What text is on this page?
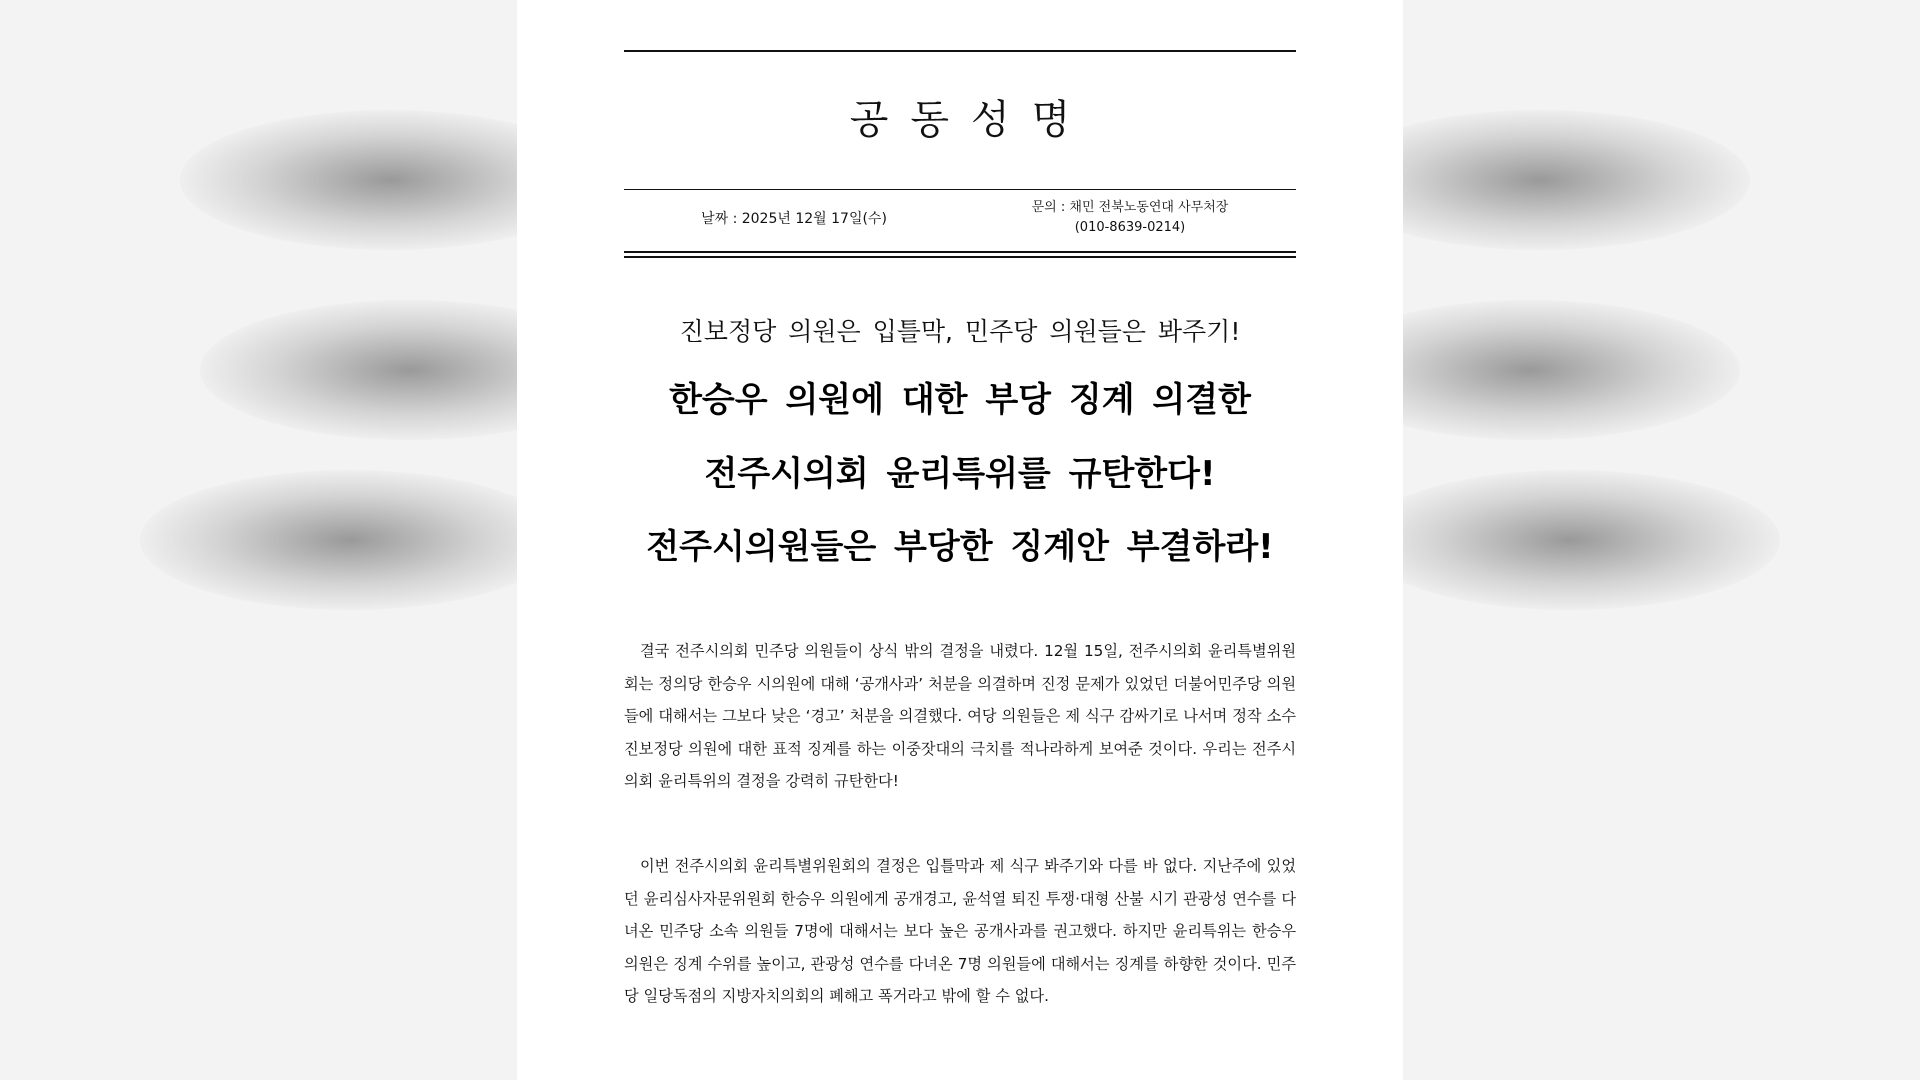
공동성명
날짜 : 2025년 12월 17일(수)
문의 : 채민 전북노동연대 사무처장
(010-8639-0214)
진보정당 의원은 입틀막, 민주당 의원들은 봐주기!
한승우 의원에 대한 부당 징계 의결한
전주시의회 윤리특위를 규탄한다!
전주시의원들은 부당한 징계안 부결하라!

결국 전주시의회 민주당 의원들이 상식 밖의 결정을 내렸다. 12월 15일, 전주시의회 윤리특별위원회는 정의당 한승우 시의원에 대해 ‘공개사과’ 처분을 의결하며 진정 문제가 있었던 더불어민주당 의원들에 대해서는 그보다 낮은 ‘경고’ 처분을 의결했다. 여당 의원들은 제 식구 감싸기로 나서며 정작 소수 진보정당 의원에 대한 표적 징계를 하는 이중잣대의 극치를 적나라하게 보여준 것이다. 우리는 전주시의회 윤리특위의 결정을 강력히 규탄한다!

이번 전주시의회 윤리특별위원회의 결정은 입틀막과 제 식구 봐주기와 다를 바 없다. 지난주에 있었던 윤리심사자문위원회 한승우 의원에게 공개경고, 윤석열 퇴진 투쟁·대형 산불 시기 관광성 연수를 다녀온 민주당 소속 의원들 7명에 대해서는 보다 높은 공개사과를 권고했다. 하지만 윤리특위는 한승우 의원은 징계 수위를 높이고, 관광성 연수를 다녀온 7명 의원들에 대해서는 징계를 하향한 것이다. 민주당 일당독점의 지방자치의회의 폐해고 폭거라고 밖에 할 수 없다.
